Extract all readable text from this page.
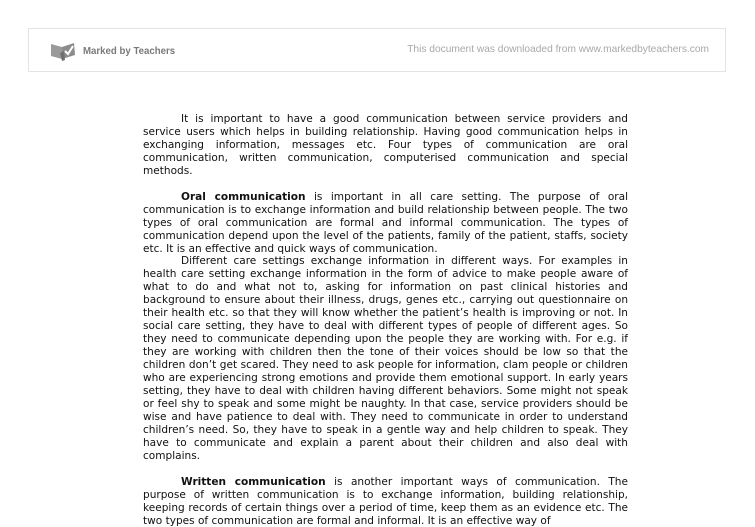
Marked by Teachers	This document was downloaded from www.markedbyteachers.com

It is important to have a good communication between service providers and service users which helps in building relationship. Having good communication helps in exchanging information, messages etc. Four types of communication are oral communication, written communication, computerised communication and special methods.

Oral communication is important in all care setting. The purpose of oral communication is to exchange information and build relationship between people. The two types of oral communication are formal and informal communication. The types of communication depend upon the level of the patients, family of the patient, staffs, society etc. It is an effective and quick ways of communication.

Different care settings exchange information in different ways. For examples in health care setting exchange information in the form of advice to make people aware of what to do and what not to, asking for information on past clinical histories and background to ensure about their illness, drugs, genes etc., carrying out questionnaire on their health etc. so that they will know whether the patient’s health is improving or not. In social care setting, they have to deal with different types of people of different ages. So they need to communicate depending upon the people they are working with. For e.g. if they are working with children then the tone of their voices should be low so that the children don’t get scared. They need to ask people for information, clam people or children who are experiencing strong emotions and provide them emotional support. In early years setting, they have to deal with children having different behaviors. Some might not speak or feel shy to speak and some might be naughty. In that case, service providers should be wise and have patience to deal with. They need to communicate in order to understand children’s need. So, they have to speak in a gentle way and help children to speak. They have to communicate and explain a parent about their children and also deal with complains.

Written communication is another important ways of communication. The purpose of written communication is to exchange information, building relationship, keeping records of certain things over a period of time, keep them as an evidence etc. The two types of communication are formal and informal. It is an effective way of
